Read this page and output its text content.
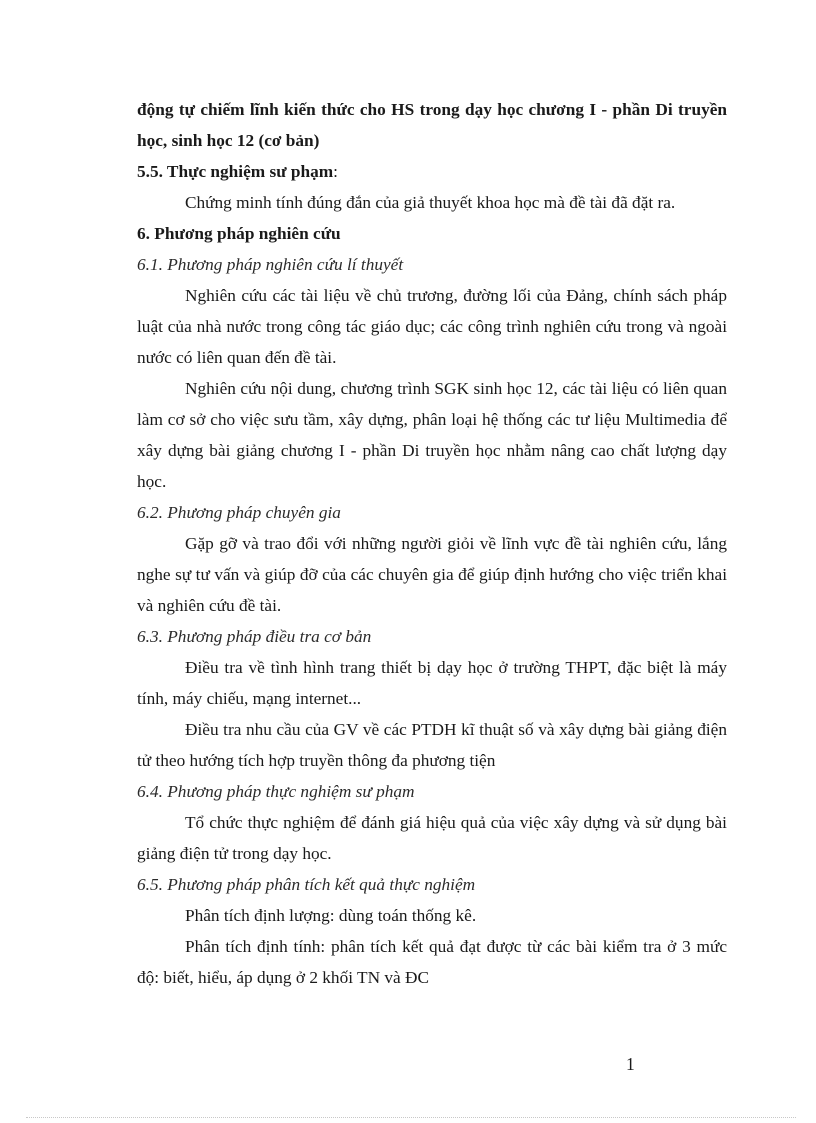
động tự chiếm lĩnh kiến thức cho HS trong dạy học chương I - phần Di truyền học, sinh học 12 (cơ bản)

5.5. Thực nghiệm sư phạm:

Chứng minh tính đúng đắn của giả thuyết khoa học mà đề tài đã đặt ra.

6. Phương pháp nghiên cứu

6.1. Phương pháp nghiên cứu lí thuyết

Nghiên cứu các tài liệu về chủ trương, đường lối của Đảng, chính sách pháp luật của nhà nước trong công tác giáo dục; các công trình nghiên cứu trong và ngoài nước có liên quan đến đề tài.

Nghiên cứu nội dung, chương trình SGK sinh học 12, các tài liệu có liên quan làm cơ sở cho việc sưu tầm, xây dựng, phân loại hệ thống các tư liệu Multimedia để xây dựng bài giảng chương I - phần Di truyền học nhằm nâng cao chất lượng dạy học.

6.2. Phương pháp chuyên gia

Gặp gỡ và trao đổi với những người giỏi về lĩnh vực đề tài nghiên cứu, lắng nghe sự tư vấn và giúp đỡ của các chuyên gia để giúp định hướng cho việc triển khai và nghiên cứu đề tài.

6.3. Phương pháp điều tra cơ bản

Điều tra về tình hình trang thiết bị dạy học ở trường THPT, đặc biệt là máy tính, máy chiếu, mạng internet...

Điều tra nhu cầu của GV về các PTDH kĩ thuật số và xây dựng bài giảng điện tử theo hướng tích hợp truyền thông đa phương tiện

6.4. Phương pháp thực nghiệm sư phạm

Tổ chức thực nghiệm để đánh giá hiệu quả của việc xây dựng và sử dụng bài giảng điện tử trong dạy học.

6.5. Phương pháp phân tích kết quả thực nghiệm

Phân tích định lượng: dùng toán thống kê.

Phân tích định tính: phân tích kết quả đạt được từ các bài kiểm tra ở 3 mức độ: biết, hiểu, áp dụng ở 2 khối TN và ĐC

1
